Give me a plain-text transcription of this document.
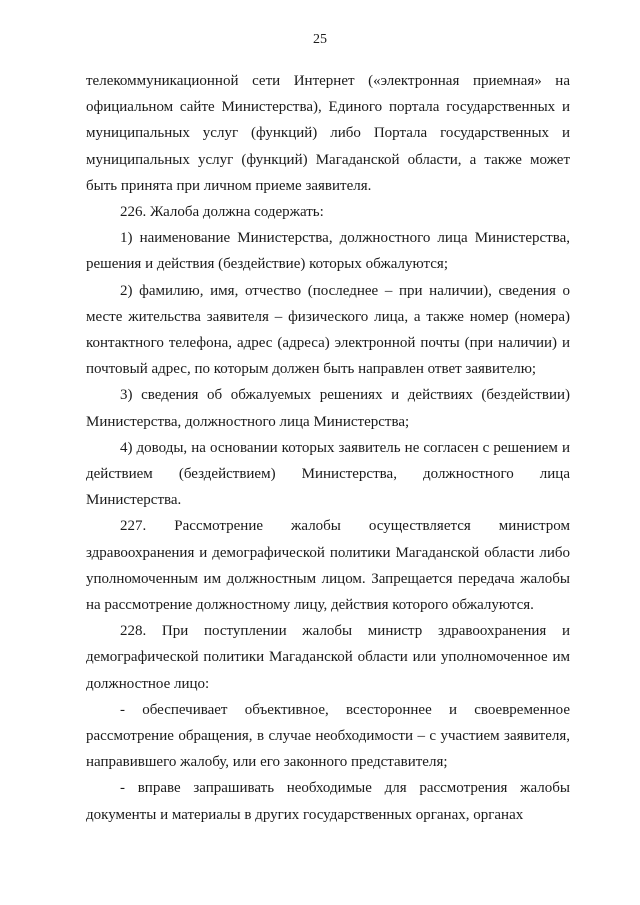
25

телекоммуникационной сети Интернет («электронная приемная» на официальном сайте Министерства), Единого портала государственных и муниципальных услуг (функций) либо Портала государственных и муниципальных услуг (функций) Магаданской области, а также может быть принята при личном приеме заявителя.

226. Жалоба должна содержать:

1) наименование Министерства, должностного лица Министерства, решения и действия (бездействие) которых обжалуются;

2) фамилию, имя, отчество (последнее – при наличии), сведения о месте жительства заявителя – физического лица, а также номер (номера) контактного телефона, адрес (адреса) электронной почты (при наличии) и почтовый адрес, по которым должен быть направлен ответ заявителю;

3) сведения об обжалуемых решениях и действиях (бездействии) Министерства, должностного лица Министерства;

4) доводы, на основании которых заявитель не согласен с решением и действием (бездействием) Министерства, должностного лица Министерства.

227. Рассмотрение жалобы осуществляется министром здравоохранения и демографической политики Магаданской области либо уполномоченным им должностным лицом. Запрещается передача жалобы на рассмотрение должностному лицу, действия которого обжалуются.

228. При поступлении жалобы министр здравоохранения и демографической политики Магаданской области или уполномоченное им должностное лицо:

- обеспечивает объективное, всестороннее и своевременное рассмотрение обращения, в случае необходимости – с участием заявителя, направившего жалобу, или его законного представителя;

- вправе запрашивать необходимые для рассмотрения жалобы документы и материалы в других государственных органах, органах
